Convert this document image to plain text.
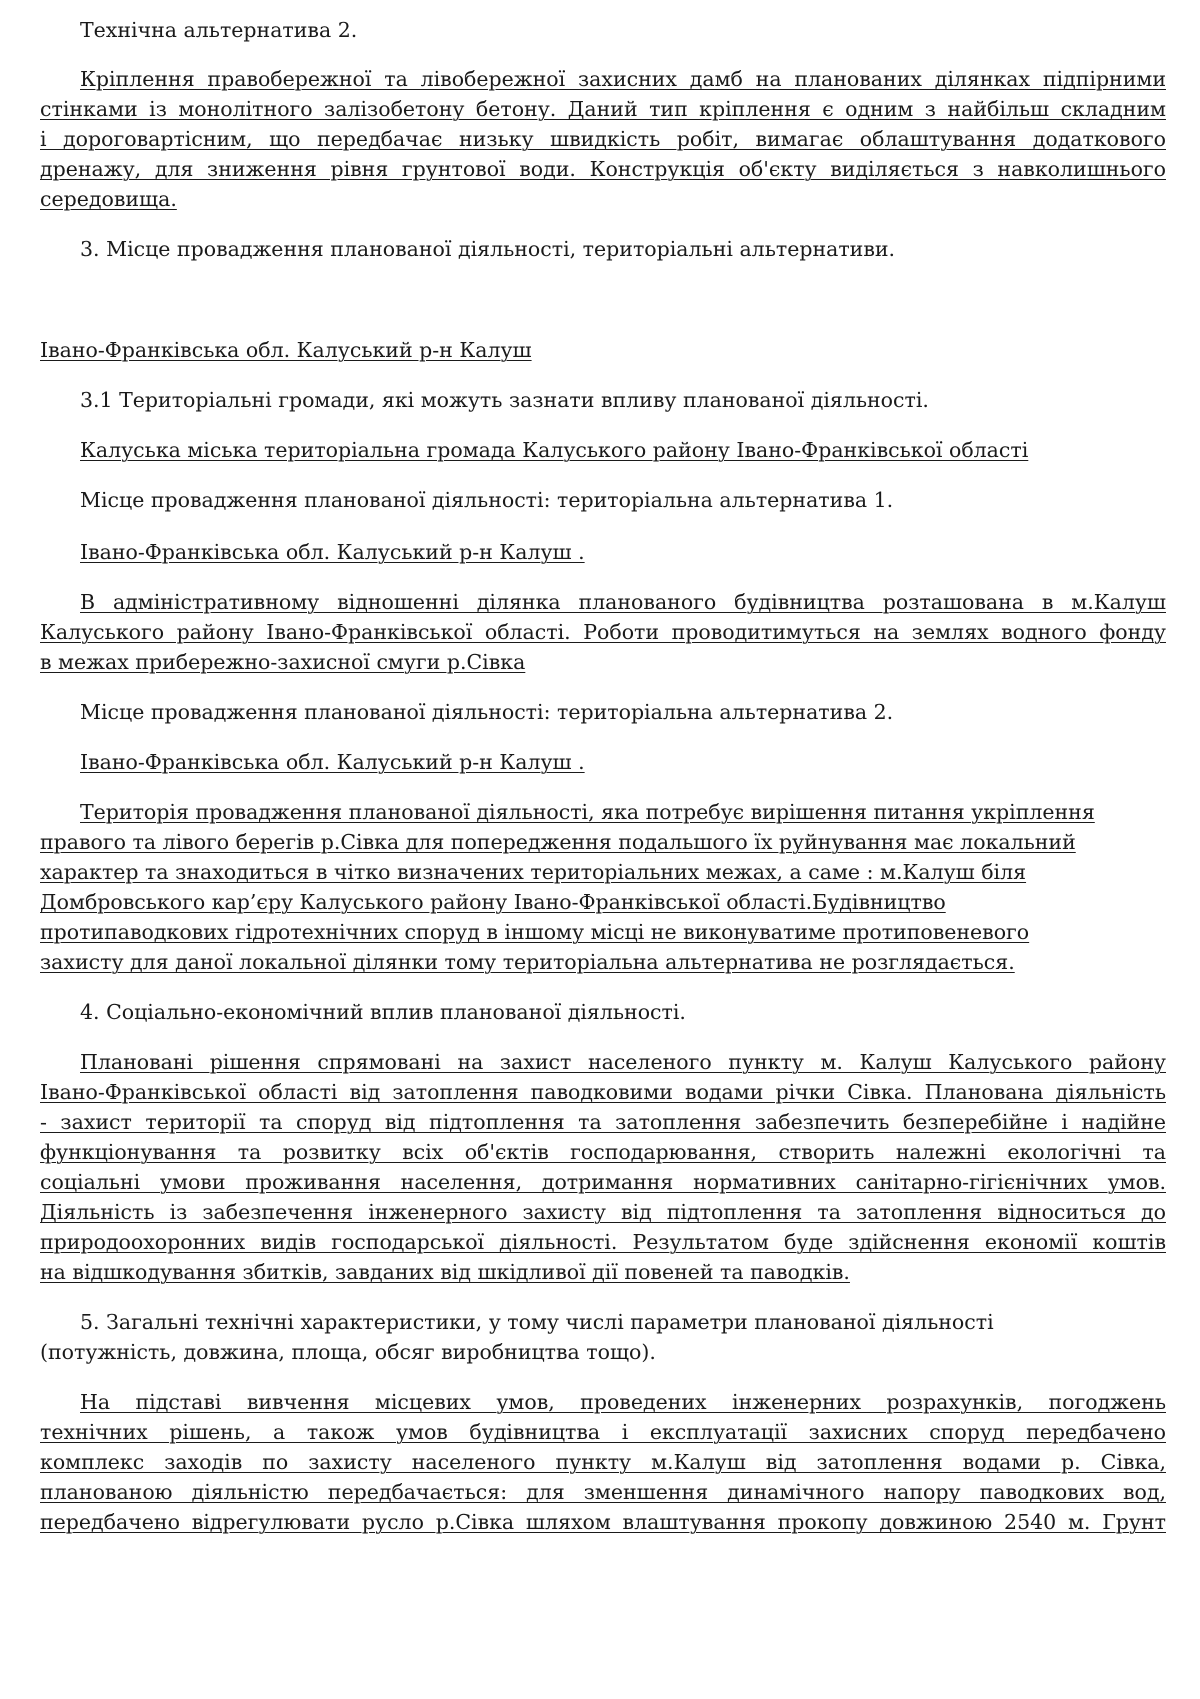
Технічна альтернатива 2.

Кріплення правобережної та лівобережної захисних дамб на планованих ділянках підпірними

стінками із монолітного залізобетону бетону. Даний тип кріплення є одним з найбільш складним

і дороговартісним, що передбачає низьку швидкість робіт, вимагає облаштування додаткового

дренажу, для зниження рівня грунтової води. Конструкція об'єкту виділяється з навколишнього

середовища.

3. Місце провадження планованої діяльності, територіальні альтернативи.

Івано-Франківська обл. Калуський р-н Калуш

3.1 Територіальні громади, які можуть зазнати впливу планованої діяльності.

Калуська міська територіальна громада Калуського району Івано-Франківської області

Місце провадження планованої діяльності: територіальна альтернатива 1.

Івано-Франківська обл. Калуський р-н Калуш .

В адміністративному відношенні ділянка планованого будівництва розташована в м.Калуш

Калуського району Івано-Франківської області. Роботи проводитимуться на землях водного фонду

в межах прибережно-захисної смуги р.Сівка

Місце провадження планованої діяльності: територіальна альтернатива 2.

Івано-Франківська обл. Калуський р-н Калуш .

Територія провадження планованої діяльності, яка потребує вирішення питання укріплення

правого та лівого берегів р.Сівка для попередження подальшого їх руйнування має локальний

характер та знаходиться в чітко визначених територіальних межах, а саме : м.Калуш біля

Домбровського кар’єру Калуського району Івано-Франківської області.Будівництво

протипаводкових гідротехнічних споруд в іншому місці не виконуватиме протиповеневого

захисту для даної локальної ділянки тому територіальна альтернатива не розглядається.

4. Соціально-економічний вплив планованої діяльності.

Плановані рішення спрямовані на захист населеного пункту м. Калуш Калуського району

Івано-Франківської області від затоплення паводковими водами річки Сівка. Планована діяльність

- захист території та споруд від підтоплення та затоплення забезпечить безперебійне і надійне

функціонування та розвитку всіх об'єктів господарювання, створить належні екологічні та

соціальні умови проживання населення, дотримання нормативних санітарно-гігієнічних умов.

Діяльність із забезпечення інженерного захисту від підтоплення та затоплення відноситься до

природоохоронних видів господарської діяльності. Результатом буде здійснення економії коштів

на відшкодування збитків, завданих від шкідливої дії повеней та паводків.

5. Загальні технічні характеристики, у тому числі параметри планованої діяльності

(потужність, довжина, площа, обсяг виробництва тощо).

На підставі вивчення місцевих умов, проведених інженерних розрахунків, погоджень

технічних рішень, а також умов будівництва і експлуатації захисних споруд передбачено

комплекс заходів по захисту населеного пункту м.Калуш від затоплення водами р. Сівка,

планованою діяльністю передбачається: для зменшення динамічного напору паводкових вод,

передбачено відрегулювати русло р.Сівка шляхом влаштування прокопу довжиною 2540 м. Грунт
